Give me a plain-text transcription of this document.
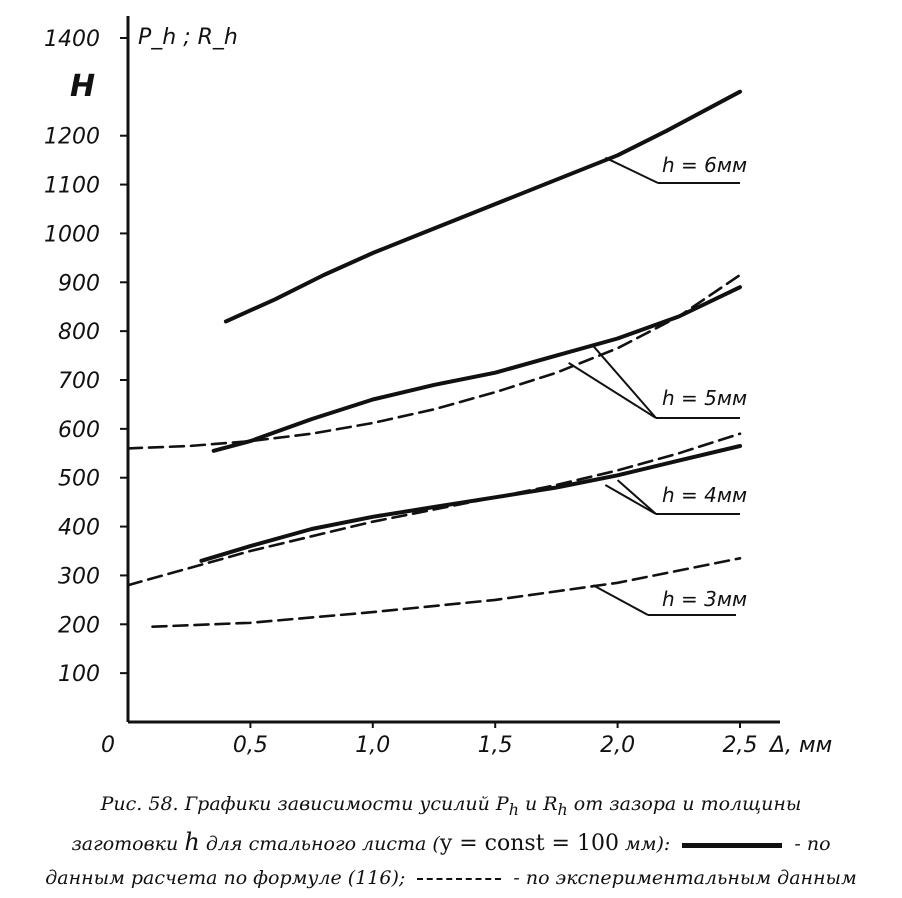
100
200
300
400
500
600
700
800
900
1000
1100
1200
1400
0	0,5	1,0	1,5	2,0	2,5
h = 6мм
h = 5мм
h = 4мм
h = 3мм
P_h ; R_h
Н
Δ, мм
Рис. 58. Графики зависимости усилий $P_h$ и $R_h$ от зазора и толщины
заготовки h для стального листа (y = const = 100 мм):	- по
данным расчета по формуле (116);	- по экспериментальным данным
